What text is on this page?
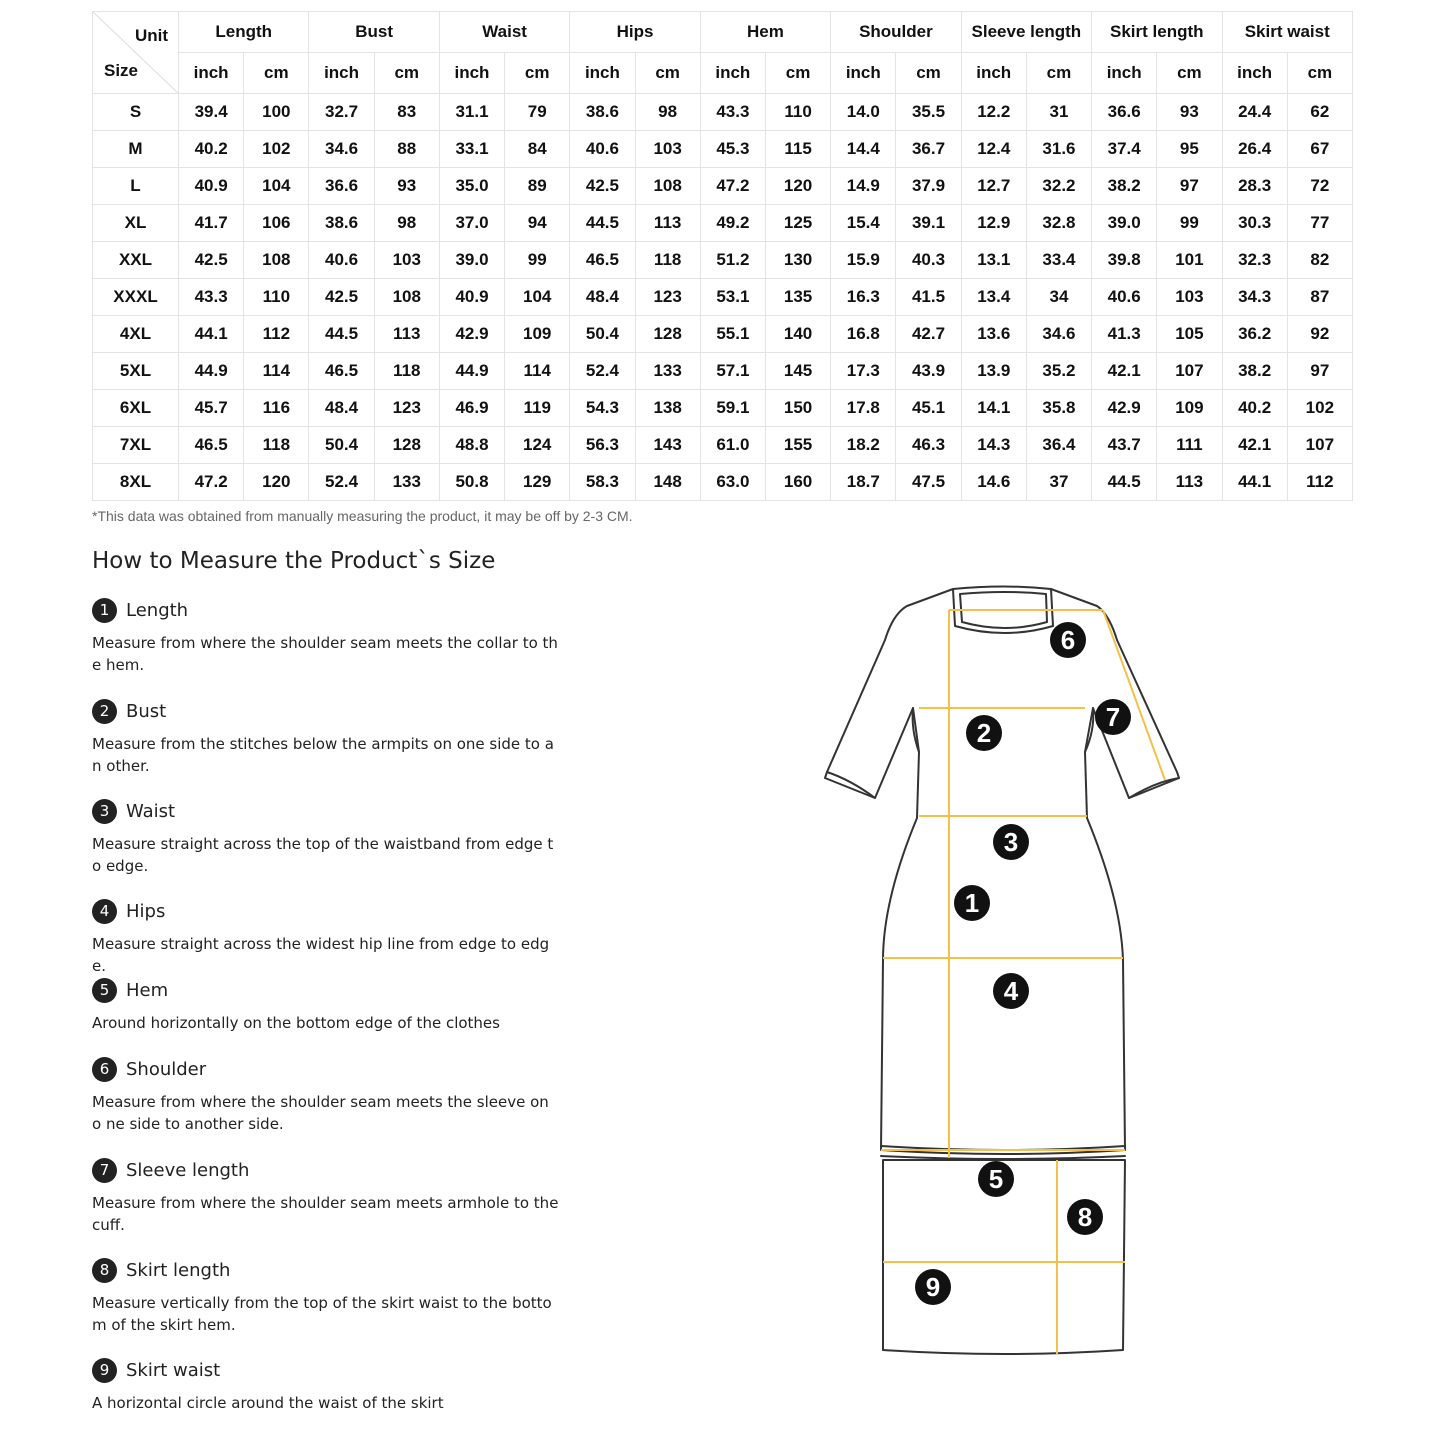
Unit
Size	Length		Bust		Waist		Hips		Hem		Shoulder		Sleeve length		Skirt length		Skirt waist	
	inch	cm	inch	cm	inch	cm	inch	cm	inch	cm	inch	cm	inch	cm	inch	cm	inch	cm
S	39.4	100	32.7	83	31.1	79	38.6	98	43.3	110	14.0	35.5	12.2	31	36.6	93	24.4	62
M	40.2	102	34.6	88	33.1	84	40.6	103	45.3	115	14.4	36.7	12.4	31.6	37.4	95	26.4	67
L	40.9	104	36.6	93	35.0	89	42.5	108	47.2	120	14.9	37.9	12.7	32.2	38.2	97	28.3	72
XL	41.7	106	38.6	98	37.0	94	44.5	113	49.2	125	15.4	39.1	12.9	32.8	39.0	99	30.3	77
XXL	42.5	108	40.6	103	39.0	99	46.5	118	51.2	130	15.9	40.3	13.1	33.4	39.8	101	32.3	82
XXXL	43.3	110	42.5	108	40.9	104	48.4	123	53.1	135	16.3	41.5	13.4	34	40.6	103	34.3	87
4XL	44.1	112	44.5	113	42.9	109	50.4	128	55.1	140	16.8	42.7	13.6	34.6	41.3	105	36.2	92
5XL	44.9	114	46.5	118	44.9	114	52.4	133	57.1	145	17.3	43.9	13.9	35.2	42.1	107	38.2	97
6XL	45.7	116	48.4	123	46.9	119	54.3	138	59.1	150	17.8	45.1	14.1	35.8	42.9	109	40.2	102
7XL	46.5	118	50.4	128	48.8	124	56.3	143	61.0	155	18.2	46.3	14.3	36.4	43.7	111	42.1	107
8XL	47.2	120	52.4	133	50.8	129	58.3	148	63.0	160	18.7	47.5	14.6	37	44.5	113	44.1	112
*This data was obtained from manually measuring the product, it may be off by 2-3 CM.
How to Measure the Product`s Size
1 Length
Measure from where the shoulder seam meets the collar to the hem.
2 Bust
Measure from the stitches below the armpits on one side to an other.
3 Waist
Measure straight across the top of the waistband from edge to edge.
4 Hips
Measure straight across the widest hip line from edge to edge.
5 Hem
Around horizontally on the bottom edge of the clothes
6 Shoulder
Measure from where the shoulder seam meets the sleeve on o ne side to another side.
7 Sleeve length
Measure from where the shoulder seam meets armhole to the cuff.
8 Skirt length
Measure vertically from the top of the skirt waist to the botto m of the skirt hem.
9 Skirt waist
A horizontal circle around the waist of the skirt
1
2
3
4
5
6
7
8
9
